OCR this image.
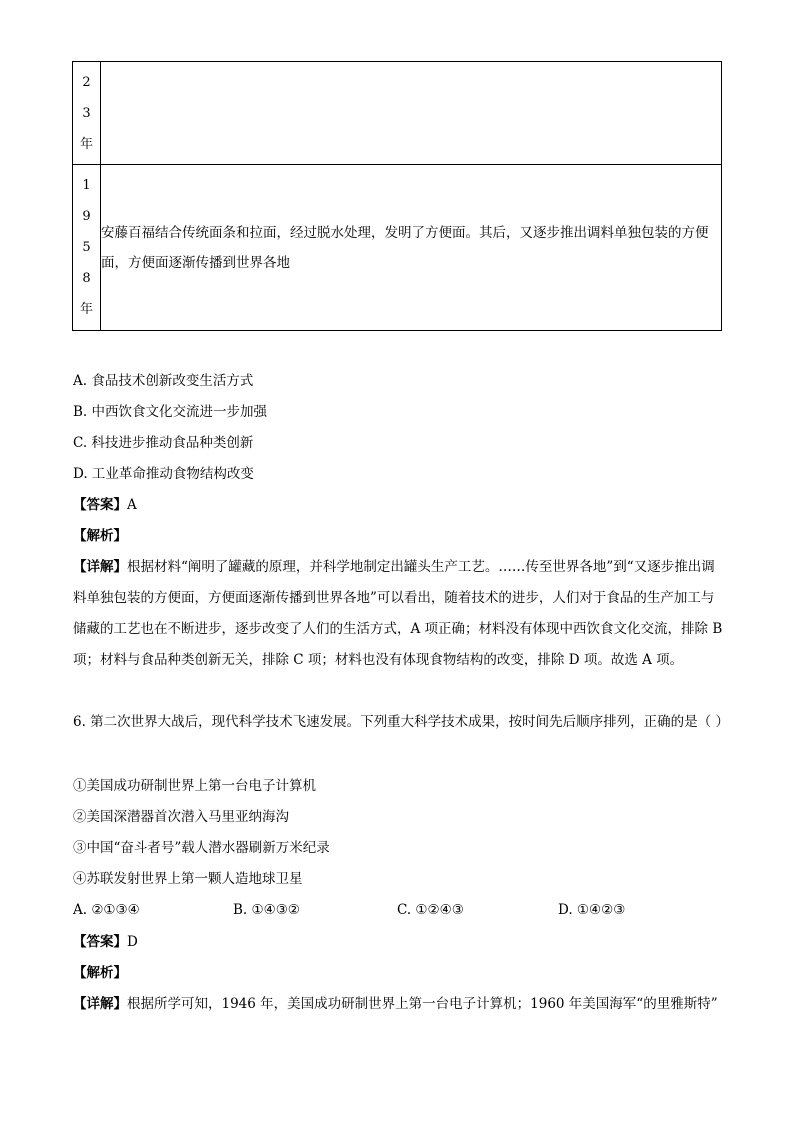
2
3
年	

1
9
5
8
年	安藤百福结合传统面条和拉面，经过脱水处理，发明了方便面。其后，又逐步推出调料单独包装的方便面，方便面逐渐传播到世界各地
A. 食品技术创新改变生活方式
B. 中西饮食文化交流进一步加强
C. 科技进步推动食品种类创新
D. 工业革命推动食物结构改变
【答案】A
【解析】
【详解】根据材料“阐明了罐藏的原理，并科学地制定出罐头生产工艺。……传至世界各地”到“又逐步推出调料单独包装的方便面，方便面逐渐传播到世界各地”可以看出，随着技术的进步，人们对于食品的生产加工与储藏的工艺也在不断进步，逐步改变了人们的生活方式，A 项正确；材料没有体现中西饮食文化交流，排除 B 项；材料与食品种类创新无关，排除 C 项；材料也没有体现食物结构的改变，排除 D 项。故选 A 项。
6. 第二次世界大战后，现代科学技术飞速发展。下列重大科学技术成果，按时间先后顺序排列，正确的是（ ）
①美国成功研制世界上第一台电子计算机
②美国深潜器首次潜入马里亚纳海沟
③中国“奋斗者号”载人潜水器刷新万米纪录
④苏联发射世界上第一颗人造地球卫星
A. ②①③④	B. ①④③②	C. ①②④③	D. ①④②③
【答案】D
【解析】
【详解】根据所学可知，1946 年，美国成功研制世界上第一台电子计算机；1960 年美国海军“的里雅斯特”
